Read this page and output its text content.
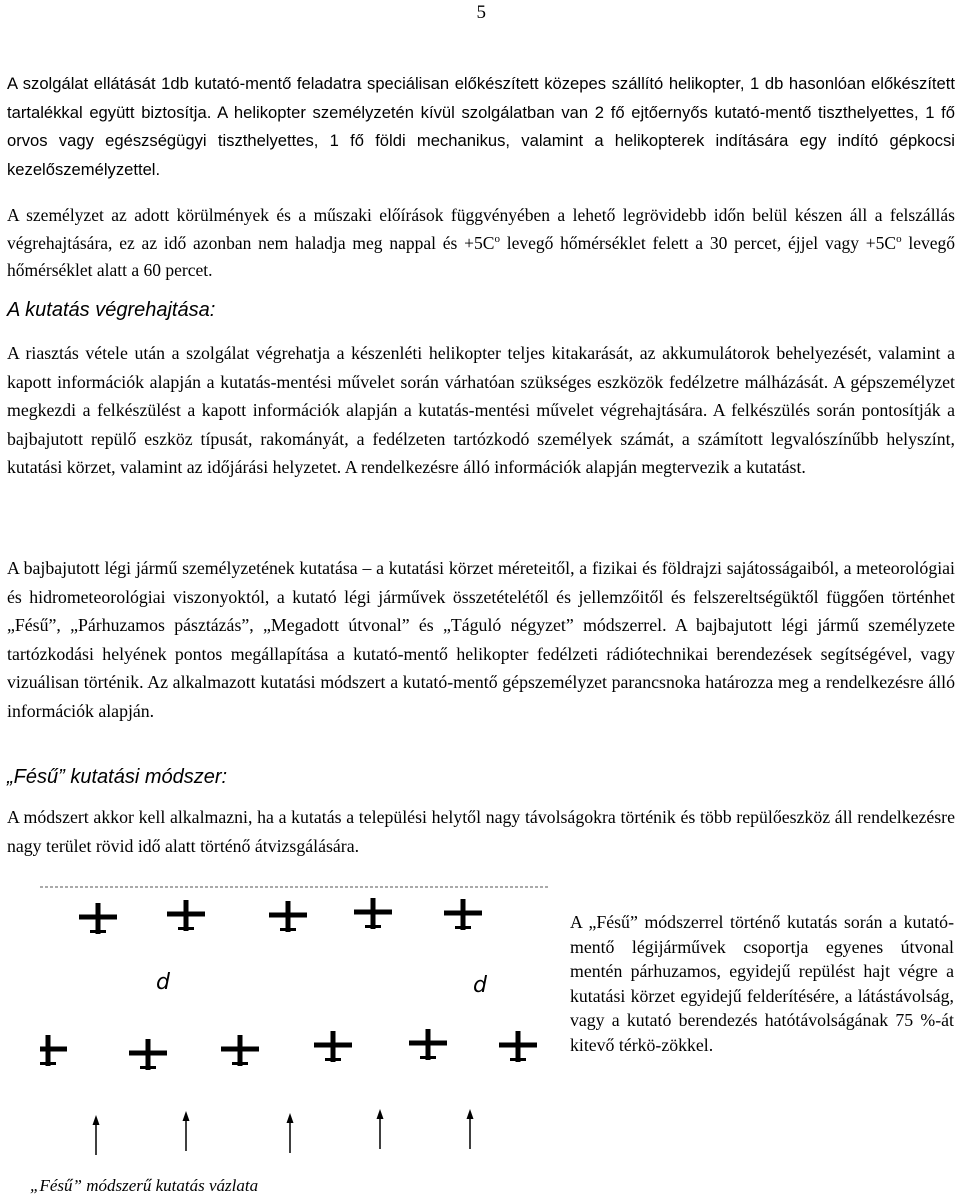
5

A szolgálat ellátását 1db kutató-mentő feladatra speciálisan előkészített közepes szállító helikopter, 1 db hasonlóan előkészített tartalékkal együtt biztosítja. A helikopter személyzetén kívül szolgálatban van 2 fő ejtőernyős kutató-mentő tiszthelyettes, 1 fő orvos vagy egészségügyi tiszthelyettes, 1 fő földi mechanikus, valamint a helikopterek indítására egy indító gépkocsi kezelőszemélyzettel.

A személyzet az adott körülmények és a műszaki előírások függvényében a lehető legrövidebb időn belül készen áll a felszállás végrehajtására, ez az idő azonban nem haladja meg nappal és $+5C^o$ levegő hőmérséklet felett a 30 percet, éjjel vagy $+5C^o$ levegő hőmérséklet alatt a 60 percet.

A kutatás végrehajtása:

A riasztás vétele után a szolgálat végrehatja a készenléti helikopter teljes kitakarását, az akkumulátorok behelyezését, valamint a kapott információk alapján a kutatás-mentési művelet során várhatóan szükséges eszközök fedélzetre málházását. A gépszemélyzet megkezdi a felkészülést a kapott információk alapján a kutatás-mentési művelet végrehajtására. A felkészülés során pontosítják a bajbajutott repülő eszköz típusát, rakományát, a fedélzeten tartózkodó személyek számát, a számított legvalószínűbb helyszínt, kutatási körzet, valamint az időjárási helyzetet. A rendelkezésre álló információk alapján megtervezik a kutatást.

A bajbajutott légi jármű személyzetének kutatása – a kutatási körzet méreteitől, a fizikai és földrajzi sajátosságaiból, a meteorológiai és hidrometeorológiai viszonyoktól, a kutató légi járművek összetételétől és jellemzőitől és felszereltségüktől függően történhet „Fésű”, „Párhuzamos pásztázás”, „Megadott útvonal” és „Táguló négyzet” módszerrel. A bajbajutott légi jármű személyzete tartózkodási helyének pontos megállapítása a kutató-mentő helikopter fedélzeti rádiótechnikai berendezések segítségével, vagy vizuálisan történik. Az alkalmazott kutatási módszert a kutató-mentő gépszemélyzet parancsnoka határozza meg a rendelkezésre álló információk alapján.

„Fésű” kutatási módszer:

A módszert akkor kell alkalmazni, ha a kutatás a települési helytől nagy távolságokra történik és több repülőeszköz áll rendelkezésre nagy terület rövid idő alatt történő átvizsgálására.

d	d

A „Fésű” módszerrel történő kutatás során a kutató-mentő légijárművek csoportja egyenes útvonal mentén párhuzamos, egyidejű repülést hajt végre a kutatási körzet egyidejű felderítésére, a látástávolság, vagy a kutató berendezés hatótávolságának 75 %-át kitevő térkö-zökkel.

„Fésű” módszerű kutatás vázlata
